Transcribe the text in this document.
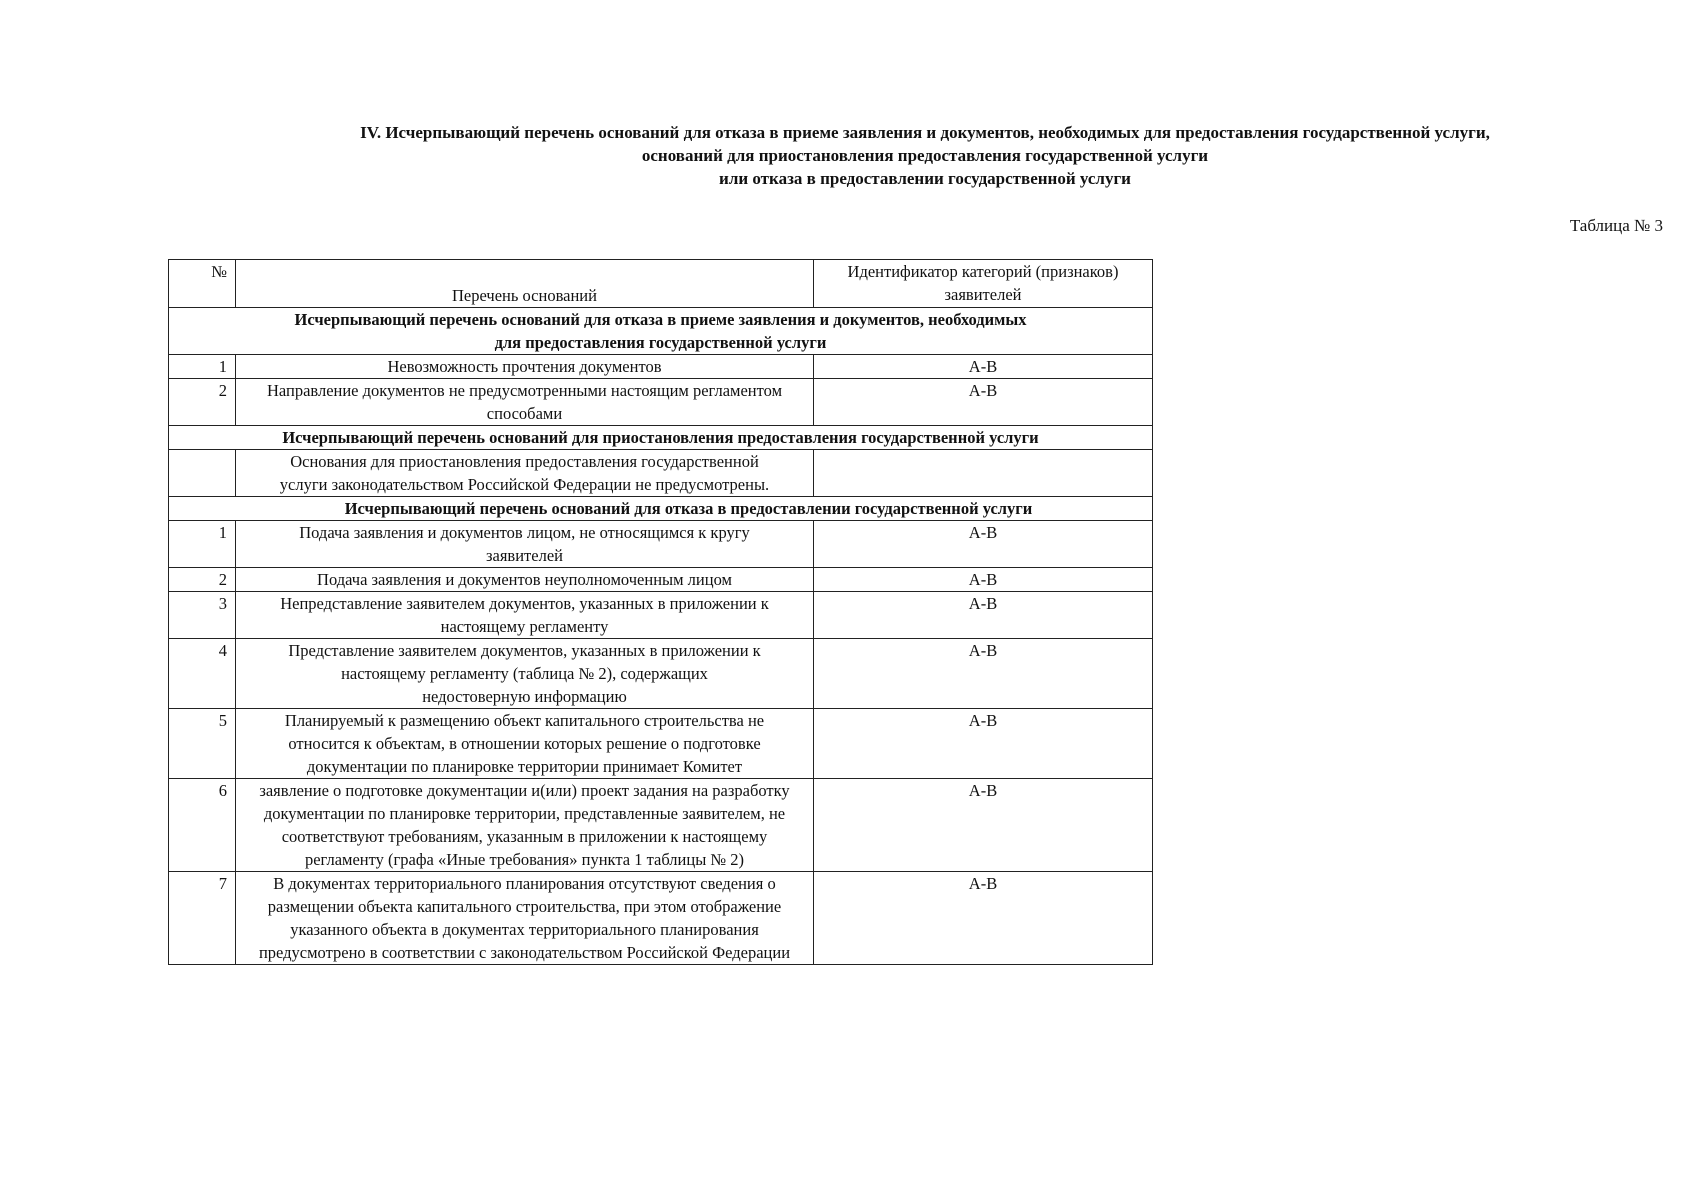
IV. Исчерпывающий перечень оснований для отказа в приеме заявления и документов, необходимых для предоставления государственной услуги,
оснований для приостановления предоставления государственной услуги
или отказа в предоставлении государственной услуги
Таблица № 3
№	Перечень оснований	Идентификатор категорий (признаков) заявителей
Исчерпывающий перечень оснований для отказа в приеме заявления и документов, необходимых для предоставления государственной услуги		
1	Невозможность прочтения документов	А-В
2	Направление документов не предусмотренными настоящим регламентом способами	А-В
Исчерпывающий перечень оснований для приостановления предоставления государственной услуги		
	Основания для приостановления предоставления государственной услуги законодательством Российской Федерации не предусмотрены.	
Исчерпывающий перечень оснований для отказа в предоставлении государственной услуги		
1	Подача заявления и документов лицом, не относящимся к кругу заявителей	А-В
2	Подача заявления и документов неуполномоченным лицом	А-В
3	Непредставление заявителем документов, указанных в приложении к настоящему регламенту	А-В
4	Представление заявителем документов, указанных в приложении к настоящему регламенту (таблица № 2), содержащих недостоверную информацию	А-В
5	Планируемый к размещению объект капитального строительства не относится к объектам, в отношении которых решение о подготовке документации по планировке территории принимает Комитет	А-В
6	заявление о подготовке документации и(или) проект задания на разработку документации по планировке территории, представленные заявителем, не соответствуют требованиям, указанным в приложении к настоящему регламенту (графа «Иные требования» пункта 1 таблицы № 2)	А-В
7	В документах территориального планирования отсутствуют сведения о размещении объекта капитального строительства, при этом отображение указанного объекта в документах территориального планирования предусмотрено в соответствии с законодательством Российской Федерации	А-В
